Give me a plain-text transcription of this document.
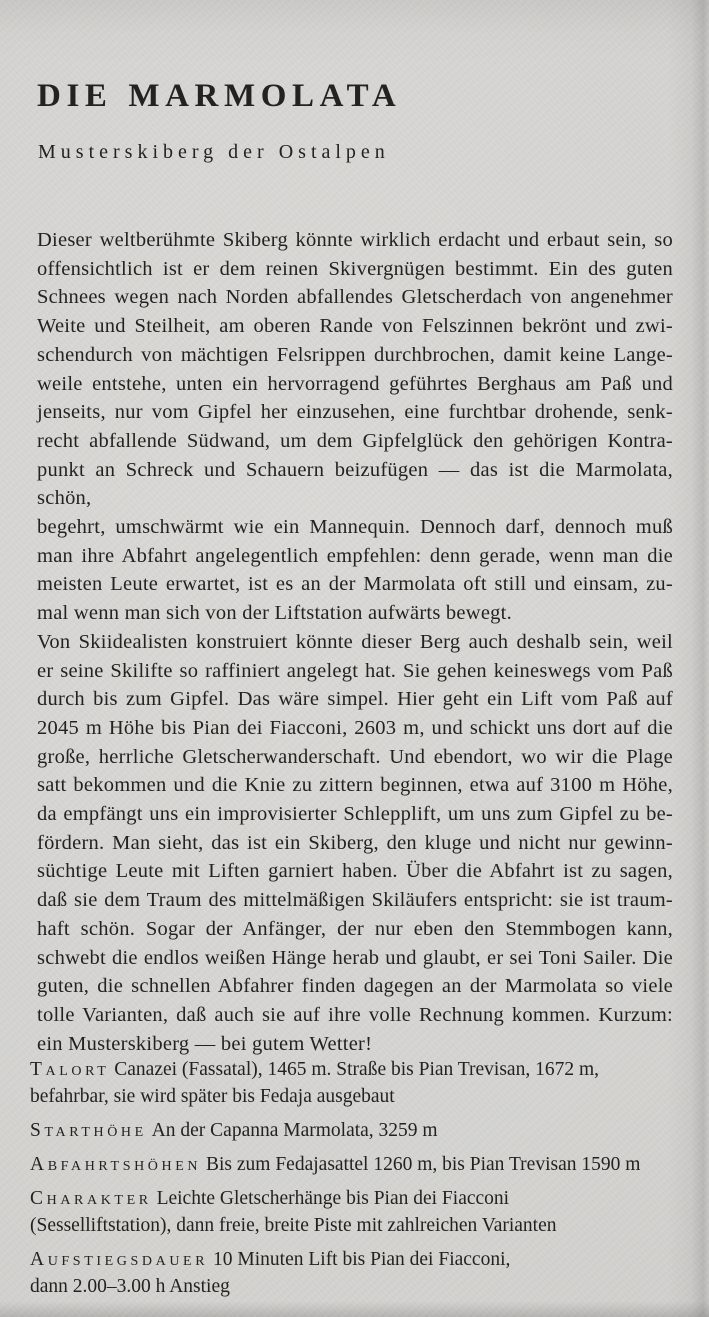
DIE MARMOLATA
Musterskiberg der Ostalpen
Dieser weltberühmte Skiberg könnte wirklich erdacht und erbaut sein, so
offensichtlich ist er dem reinen Skivergnügen bestimmt. Ein des guten
Schnees wegen nach Norden abfallendes Gletscherdach von angenehmer
Weite und Steilheit, am oberen Rande von Felszinnen bekrönt und zwi-
schendurch von mächtigen Felsrippen durchbrochen, damit keine Lange-
weile entstehe, unten ein hervorragend geführtes Berghaus am Paß und
jenseits, nur vom Gipfel her einzusehen, eine furchtbar drohende, senk-
recht abfallende Südwand, um dem Gipfelglück den gehörigen Kontra-
punkt an Schreck und Schauern beizufügen — das ist die Marmolata, schön,
begehrt, umschwärmt wie ein Mannequin. Dennoch darf, dennoch muß
man ihre Abfahrt angelegentlich empfehlen: denn gerade, wenn man die
meisten Leute erwartet, ist es an der Marmolata oft still und einsam, zu-
mal wenn man sich von der Liftstation aufwärts bewegt.
Von Skiidealisten konstruiert könnte dieser Berg auch deshalb sein, weil
er seine Skilifte so raffiniert angelegt hat. Sie gehen keineswegs vom Paß
durch bis zum Gipfel. Das wäre simpel. Hier geht ein Lift vom Paß auf
2045 m Höhe bis Pian dei Fiacconi, 2603 m, und schickt uns dort auf die
große, herrliche Gletscherwanderschaft. Und ebendort, wo wir die Plage
satt bekommen und die Knie zu zittern beginnen, etwa auf 3100 m Höhe,
da empfängt uns ein improvisierter Schlepplift, um uns zum Gipfel zu be-
fördern. Man sieht, das ist ein Skiberg, den kluge und nicht nur gewinn-
süchtige Leute mit Liften garniert haben. Über die Abfahrt ist zu sagen,
daß sie dem Traum des mittelmäßigen Skiläufers entspricht: sie ist traum-
haft schön. Sogar der Anfänger, der nur eben den Stemmbogen kann,
schwebt die endlos weißen Hänge herab und glaubt, er sei Toni Sailer. Die
guten, die schnellen Abfahrer finden dagegen an der Marmolata so viele
tolle Varianten, daß auch sie auf ihre volle Rechnung kommen. Kurzum:
ein Musterskiberg — bei gutem Wetter!
Talort Canazei (Fassatal), 1465 m. Straße bis Pian Trevisan, 1672 m,
befahrbar, sie wird später bis Fedaja ausgebaut
Starthöhe An der Capanna Marmolata, 3259 m
Abfahrtshöhen Bis zum Fedajasattel 1260 m, bis Pian Trevisan 1590 m
Charakter Leichte Gletscherhänge bis Pian dei Fiacconi
(Sesselliftstation), dann freie, breite Piste mit zahlreichen Varianten
Aufstiegsdauer 10 Minuten Lift bis Pian dei Fiacconi,
dann 2.00–3.00 h Anstieg
